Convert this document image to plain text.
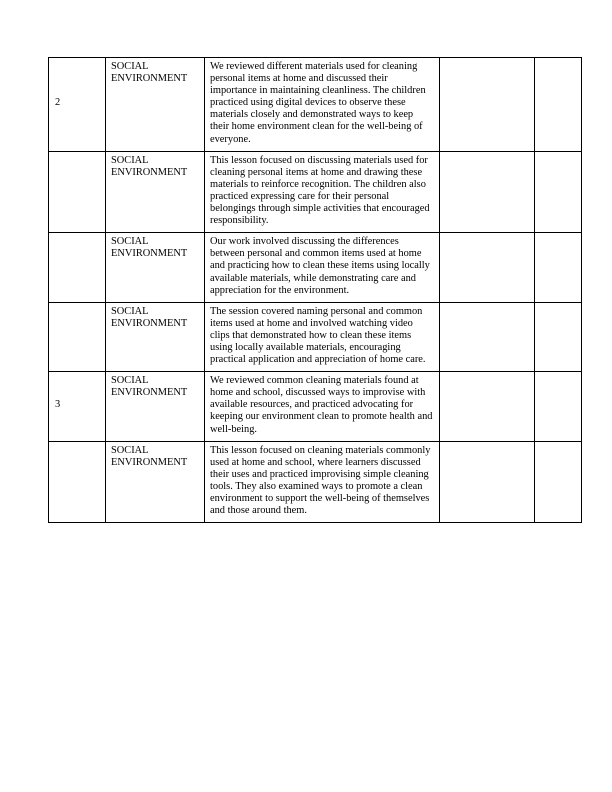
2	SOCIAL ENVIRONMENT	We reviewed different materials used for cleaning personal items at home and discussed their importance in maintaining cleanliness. The children practiced using digital devices to observe these materials closely and demonstrated ways to keep their home environment clean for the well-being of everyone.		
	SOCIAL ENVIRONMENT	This lesson focused on discussing materials used for cleaning personal items at home and drawing these materials to reinforce recognition. The children also practiced expressing care for their personal belongings through simple activities that encouraged responsibility.		
	SOCIAL ENVIRONMENT	Our work involved discussing the differences between personal and common items used at home and practicing how to clean these items using locally available materials, while demonstrating care and appreciation for the environment.		
	SOCIAL ENVIRONMENT	The session covered naming personal and common items used at home and involved watching video clips that demonstrated how to clean these items using locally available materials, encouraging practical application and appreciation of home care.		
3	SOCIAL ENVIRONMENT	We reviewed common cleaning materials found at home and school, discussed ways to improvise with available resources, and practiced advocating for keeping our environment clean to promote health and well-being.		
	SOCIAL ENVIRONMENT	This lesson focused on cleaning materials commonly used at home and school, where learners discussed their uses and practiced improvising simple cleaning tools. They also examined ways to promote a clean environment to support the well-being of themselves and those around them.		
